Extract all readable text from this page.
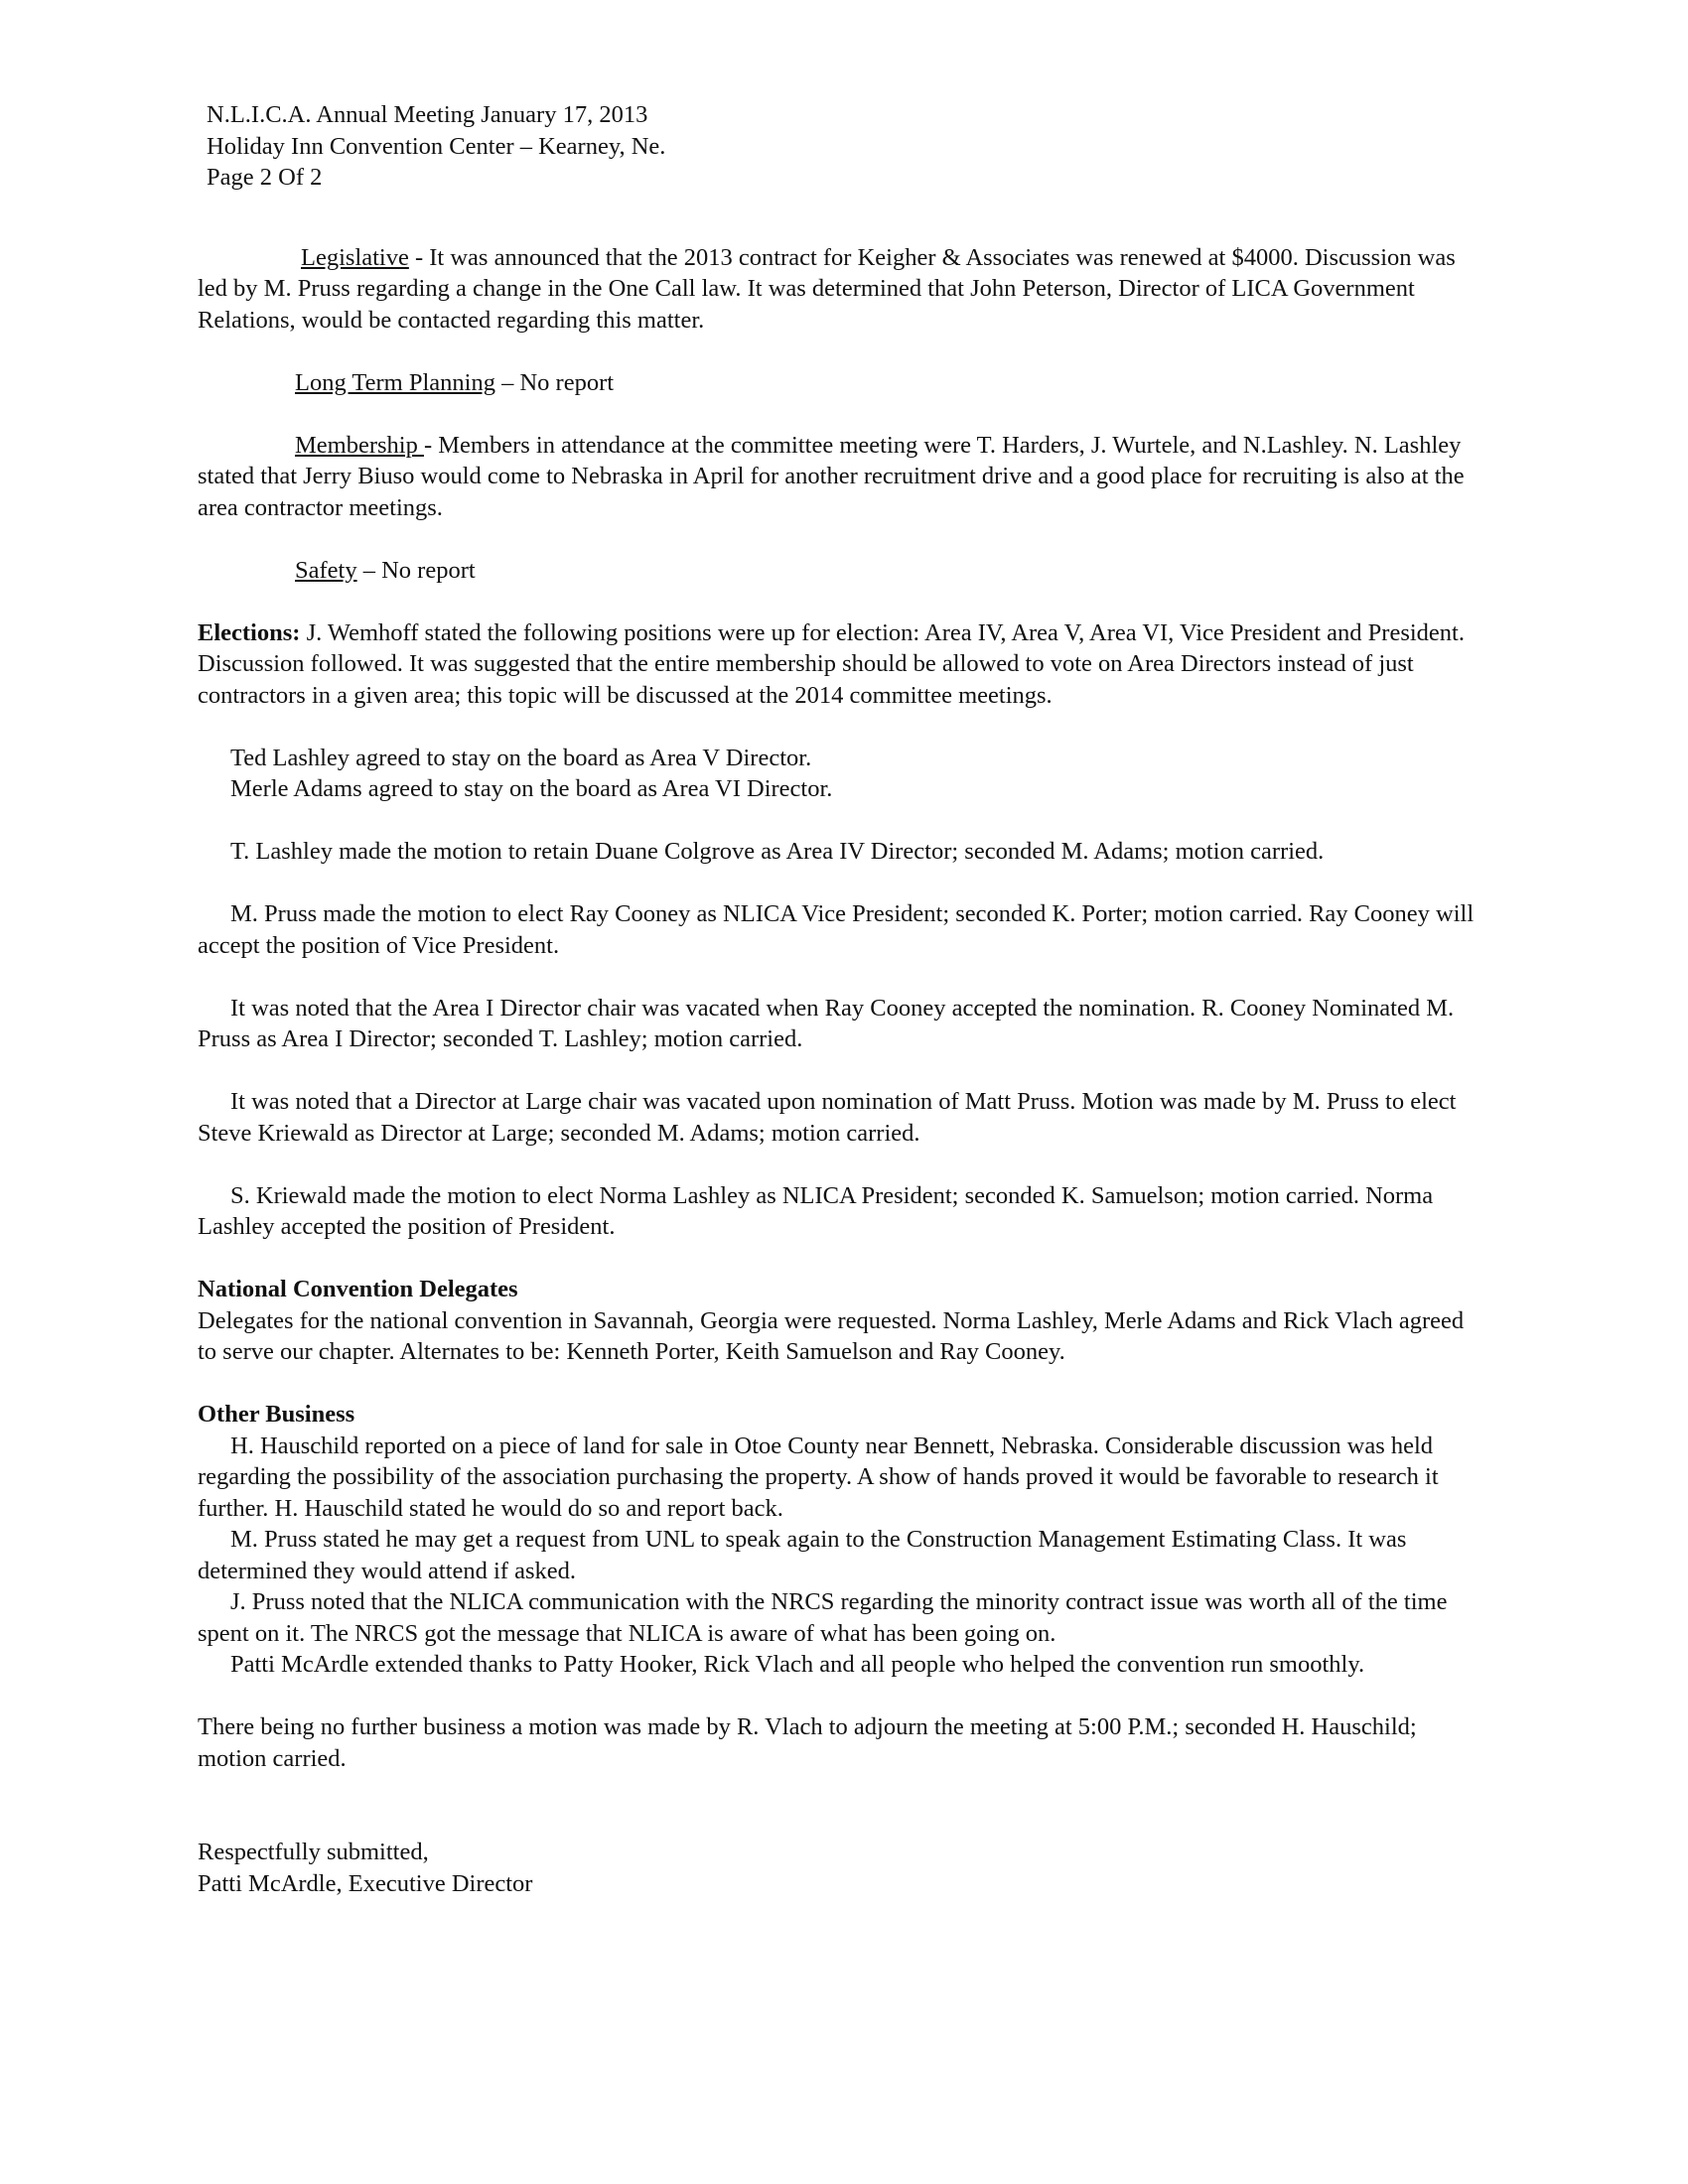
N.L.I.C.A. Annual Meeting January 17, 2013
Holiday Inn Convention Center – Kearney, Ne.
Page 2 Of 2

Legislative - It was announced that the 2013 contract for Keigher & Associates was renewed at $4000. Discussion was led by M. Pruss regarding a change in the One Call law. It was determined that John Peterson, Director of LICA Government Relations, would be contacted regarding this matter.

Long Term Planning – No report

Membership - Members in attendance at the committee meeting were T. Harders, J. Wurtele, and N.Lashley. N. Lashley stated that Jerry Biuso would come to Nebraska in April for another recruitment drive and a good place for recruiting is also at the area contractor meetings.

Safety – No report

Elections: J. Wemhoff stated the following positions were up for election: Area IV, Area V, Area VI, Vice President and President. Discussion followed. It was suggested that the entire membership should be allowed to vote on Area Directors instead of just contractors in a given area; this topic will be discussed at the 2014 committee meetings.

Ted Lashley agreed to stay on the board as Area V Director.

Merle Adams agreed to stay on the board as Area VI Director.

T. Lashley made the motion to retain Duane Colgrove as Area IV Director; seconded M. Adams; motion carried.

M. Pruss made the motion to elect Ray Cooney as NLICA Vice President; seconded K. Porter; motion carried. Ray Cooney will accept the position of Vice President.

It was noted that the Area I Director chair was vacated when Ray Cooney accepted the nomination. R. Cooney Nominated M. Pruss as Area I Director; seconded T. Lashley; motion carried.

It was noted that a Director at Large chair was vacated upon nomination of Matt Pruss. Motion was made by M. Pruss to elect Steve Kriewald as Director at Large; seconded M. Adams; motion carried.

S. Kriewald made the motion to elect Norma Lashley as NLICA President; seconded K. Samuelson; motion carried. Norma Lashley accepted the position of President.

National Convention Delegates

Delegates for the national convention in Savannah, Georgia were requested. Norma Lashley, Merle Adams and Rick Vlach agreed to serve our chapter. Alternates to be: Kenneth Porter, Keith Samuelson and Ray Cooney.

Other Business

H. Hauschild reported on a piece of land for sale in Otoe County near Bennett, Nebraska. Considerable discussion was held regarding the possibility of the association purchasing the property. A show of hands proved it would be favorable to research it further. H. Hauschild stated he would do so and report back.

M. Pruss stated he may get a request from UNL to speak again to the Construction Management Estimating Class. It was determined they would attend if asked.

J. Pruss noted that the NLICA communication with the NRCS regarding the minority contract issue was worth all of the time spent on it. The NRCS got the message that NLICA is aware of what has been going on.

Patti McArdle extended thanks to Patty Hooker, Rick Vlach and all people who helped the convention run smoothly.

There being no further business a motion was made by R. Vlach to adjourn the meeting at 5:00 P.M.; seconded H. Hauschild; motion carried.

Respectfully submitted,
Patti McArdle, Executive Director
